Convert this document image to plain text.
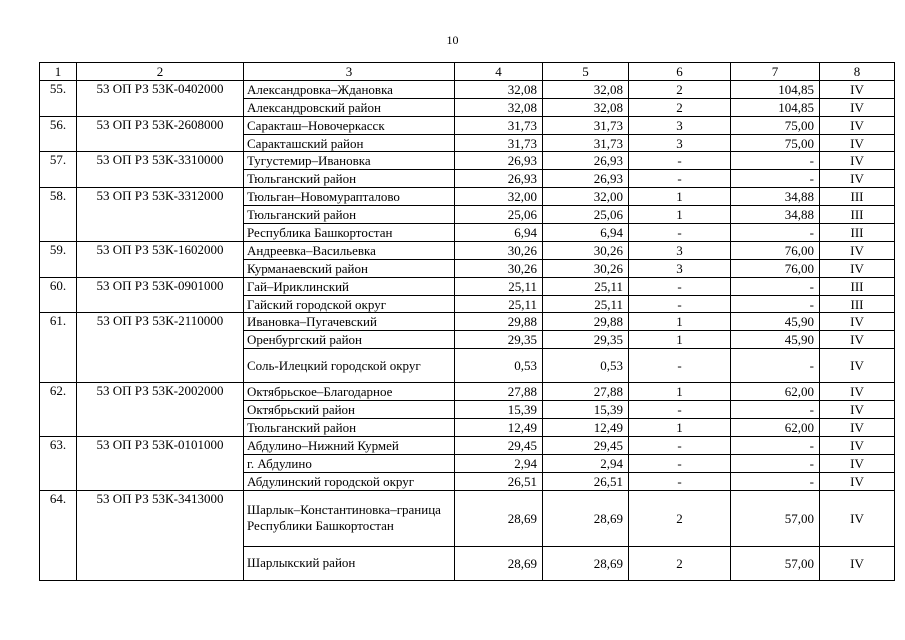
10
1	2	3	4	5	6	7	8
55.	53 ОП РЗ 53К-0402000	Александровка–Ждановка	32,08	32,08	2	104,85	IV
		Александровский район	32,08	32,08	2	104,85	IV
56.	53 ОП РЗ 53К-2608000	Саракташ–Новочеркасск	31,73	31,73	3	75,00	IV
		Саракташский район	31,73	31,73	3	75,00	IV
57.	53 ОП РЗ 53К-3310000	Тугустемир–Ивановка	26,93	26,93	-	-	IV
		Тюльганский район	26,93	26,93	-	-	IV
58.	53 ОП РЗ 53К-3312000	Тюльган–Новомурапталово	32,00	32,00	1	34,88	III
		Тюльганский район	25,06	25,06	1	34,88	III
		Республика Башкортостан	6,94	6,94	-	-	III
59.	53 ОП РЗ 53К-1602000	Андреевка–Васильевка	30,26	30,26	3	76,00	IV
		Курманаевский район	30,26	30,26	3	76,00	IV
60.	53 ОП РЗ 53К-0901000	Гай–Ириклинский	25,11	25,11	-	-	III
		Гайский городской округ	25,11	25,11	-	-	III
61.	53 ОП РЗ 53К-2110000	Ивановка–Пугачевский	29,88	29,88	1	45,90	IV
		Оренбургский район	29,35	29,35	1	45,90	IV
		Соль-Илецкий городской округ	0,53	0,53	-	-	IV
62.	53 ОП РЗ 53К-2002000	Октябрьское–Благодарное	27,88	27,88	1	62,00	IV
		Октябрьский район	15,39	15,39	-	-	IV
		Тюльганский район	12,49	12,49	1	62,00	IV
63.	53 ОП РЗ 53К-0101000	Абдулино–Нижний Курмей	29,45	29,45	-	-	IV
		г. Абдулино	2,94	2,94	-	-	IV
		Абдулинский городской округ	26,51	26,51	-	-	IV
64.	53 ОП РЗ 53К-3413000	Шарлык–Константиновка–граница Республики Башкортостан	28,69	28,69	2	57,00	IV
		Шарлыкский район	28,69	28,69	2	57,00	IV
